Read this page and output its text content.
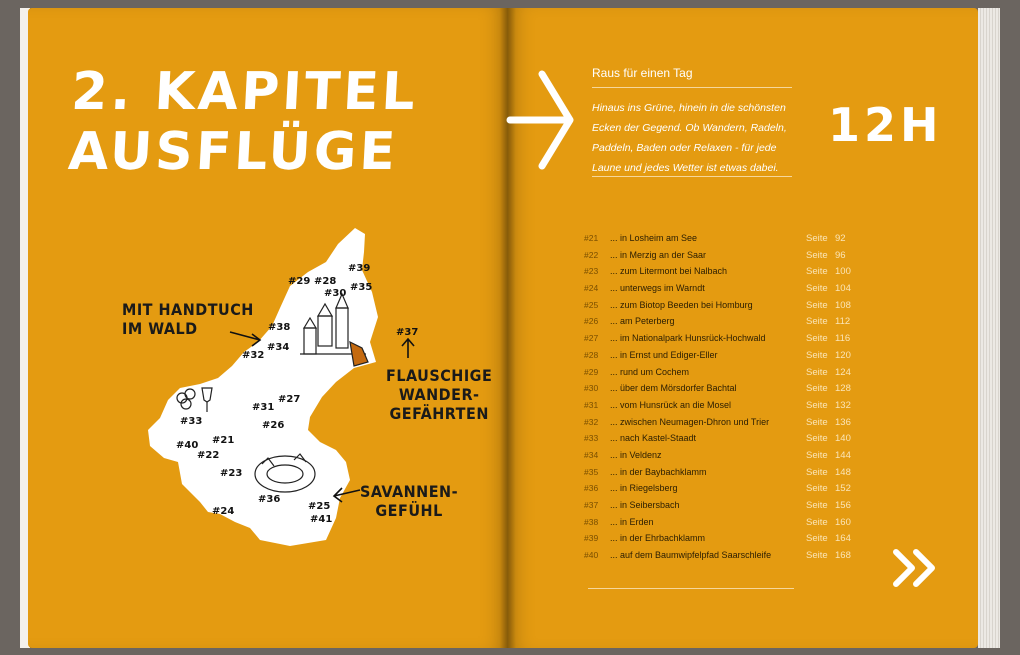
2. KAPITEL
AUSFLÜGE
#39
#29 #28
#30
#35
#38	#37
#34
#32
#27
#31
#33	#26
#21
#40
#22
#23
#36
#25
#41
#24
MIT HANDTUCH
IM WALD
FLAUSCHIGE
WANDER-
GEFÄHRTEN
SAVANNEN-
GEFÜHL
Raus für einen Tag
Hinaus ins Grüne, hinein in die schönsten Ecken der Gegend. Ob Wandern, Radeln, Paddeln, Baden oder Relaxen - für jede Laune und jedes Wetter ist etwas dabei.
12H
#21 ... in Losheim am See	Seite 92
#22 ... in Merzig an der Saar	Seite 96
#23 ... zum Litermont bei Nalbach	Seite 100
#24 ... unterwegs im Warndt	Seite 104
#25 ... zum Biotop Beeden bei Homburg	Seite 108
#26 ... am Peterberg	Seite 112
#27 ... im Nationalpark Hunsrück-Hochwald	Seite 116
#28 ... in Ernst und Ediger-Eller	Seite 120
#29 ... rund um Cochem	Seite 124
#30 ... über dem Mörsdorfer Bachtal	Seite 128
#31 ... vom Hunsrück an die Mosel	Seite 132
#32 ... zwischen Neumagen-Dhron und Trier	Seite 136
#33 ... nach Kastel-Staadt	Seite 140
#34 ... in Veldenz	Seite 144
#35 ... in der Baybachklamm	Seite 148
#36 ... in Riegelsberg	Seite 152
#37 ... in Seibersbach	Seite 156
#38 ... in Erden	Seite 160
#39 ... in der Ehrbachklamm	Seite 164
#40 ... auf dem Baumwipfelpfad Saarschleife	Seite 168
